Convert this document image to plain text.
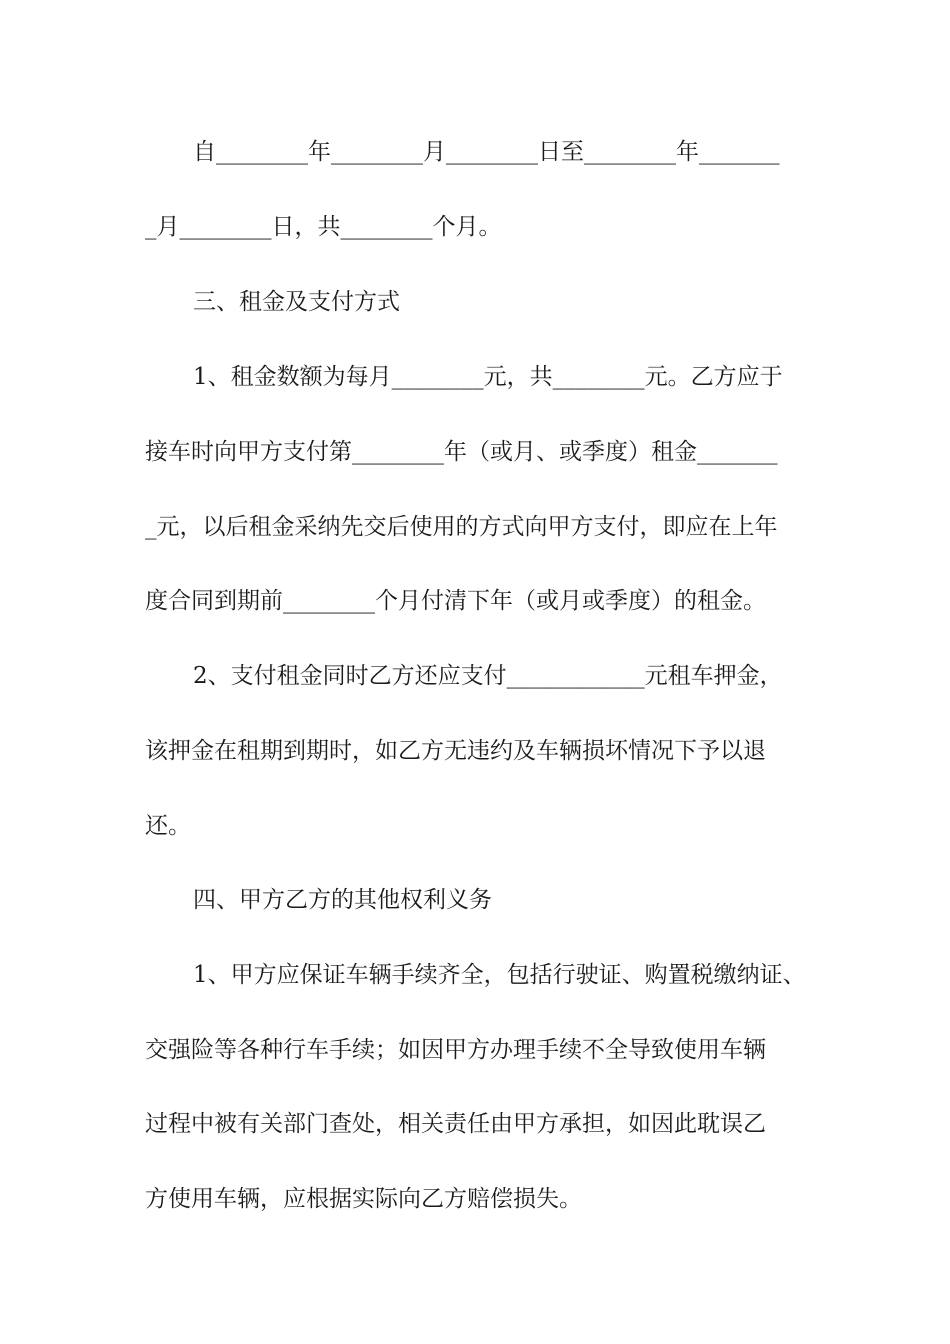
自________年________月________日至________年_______
_月________日，共________个月。
三、租金及支付方式
1、租金数额为每月________元，共________元。乙方应于
接车时向甲方支付第________年（或月、或季度）租金_______
_元，以后租金采纳先交后使用的方式向甲方支付，即应在上年
度合同到期前________个月付清下年（或月或季度）的租金。
2、支付租金同时乙方还应支付____________元租车押金，
该押金在租期到期时，如乙方无违约及车辆损坏情况下予以退
还。
四、甲方乙方的其他权利义务
1、甲方应保证车辆手续齐全，包括行驶证、购置税缴纳证、
交强险等各种行车手续；如因甲方办理手续不全导致使用车辆
过程中被有关部门查处，相关责任由甲方承担，如因此耽误乙
方使用车辆，应根据实际向乙方赔偿损失。
